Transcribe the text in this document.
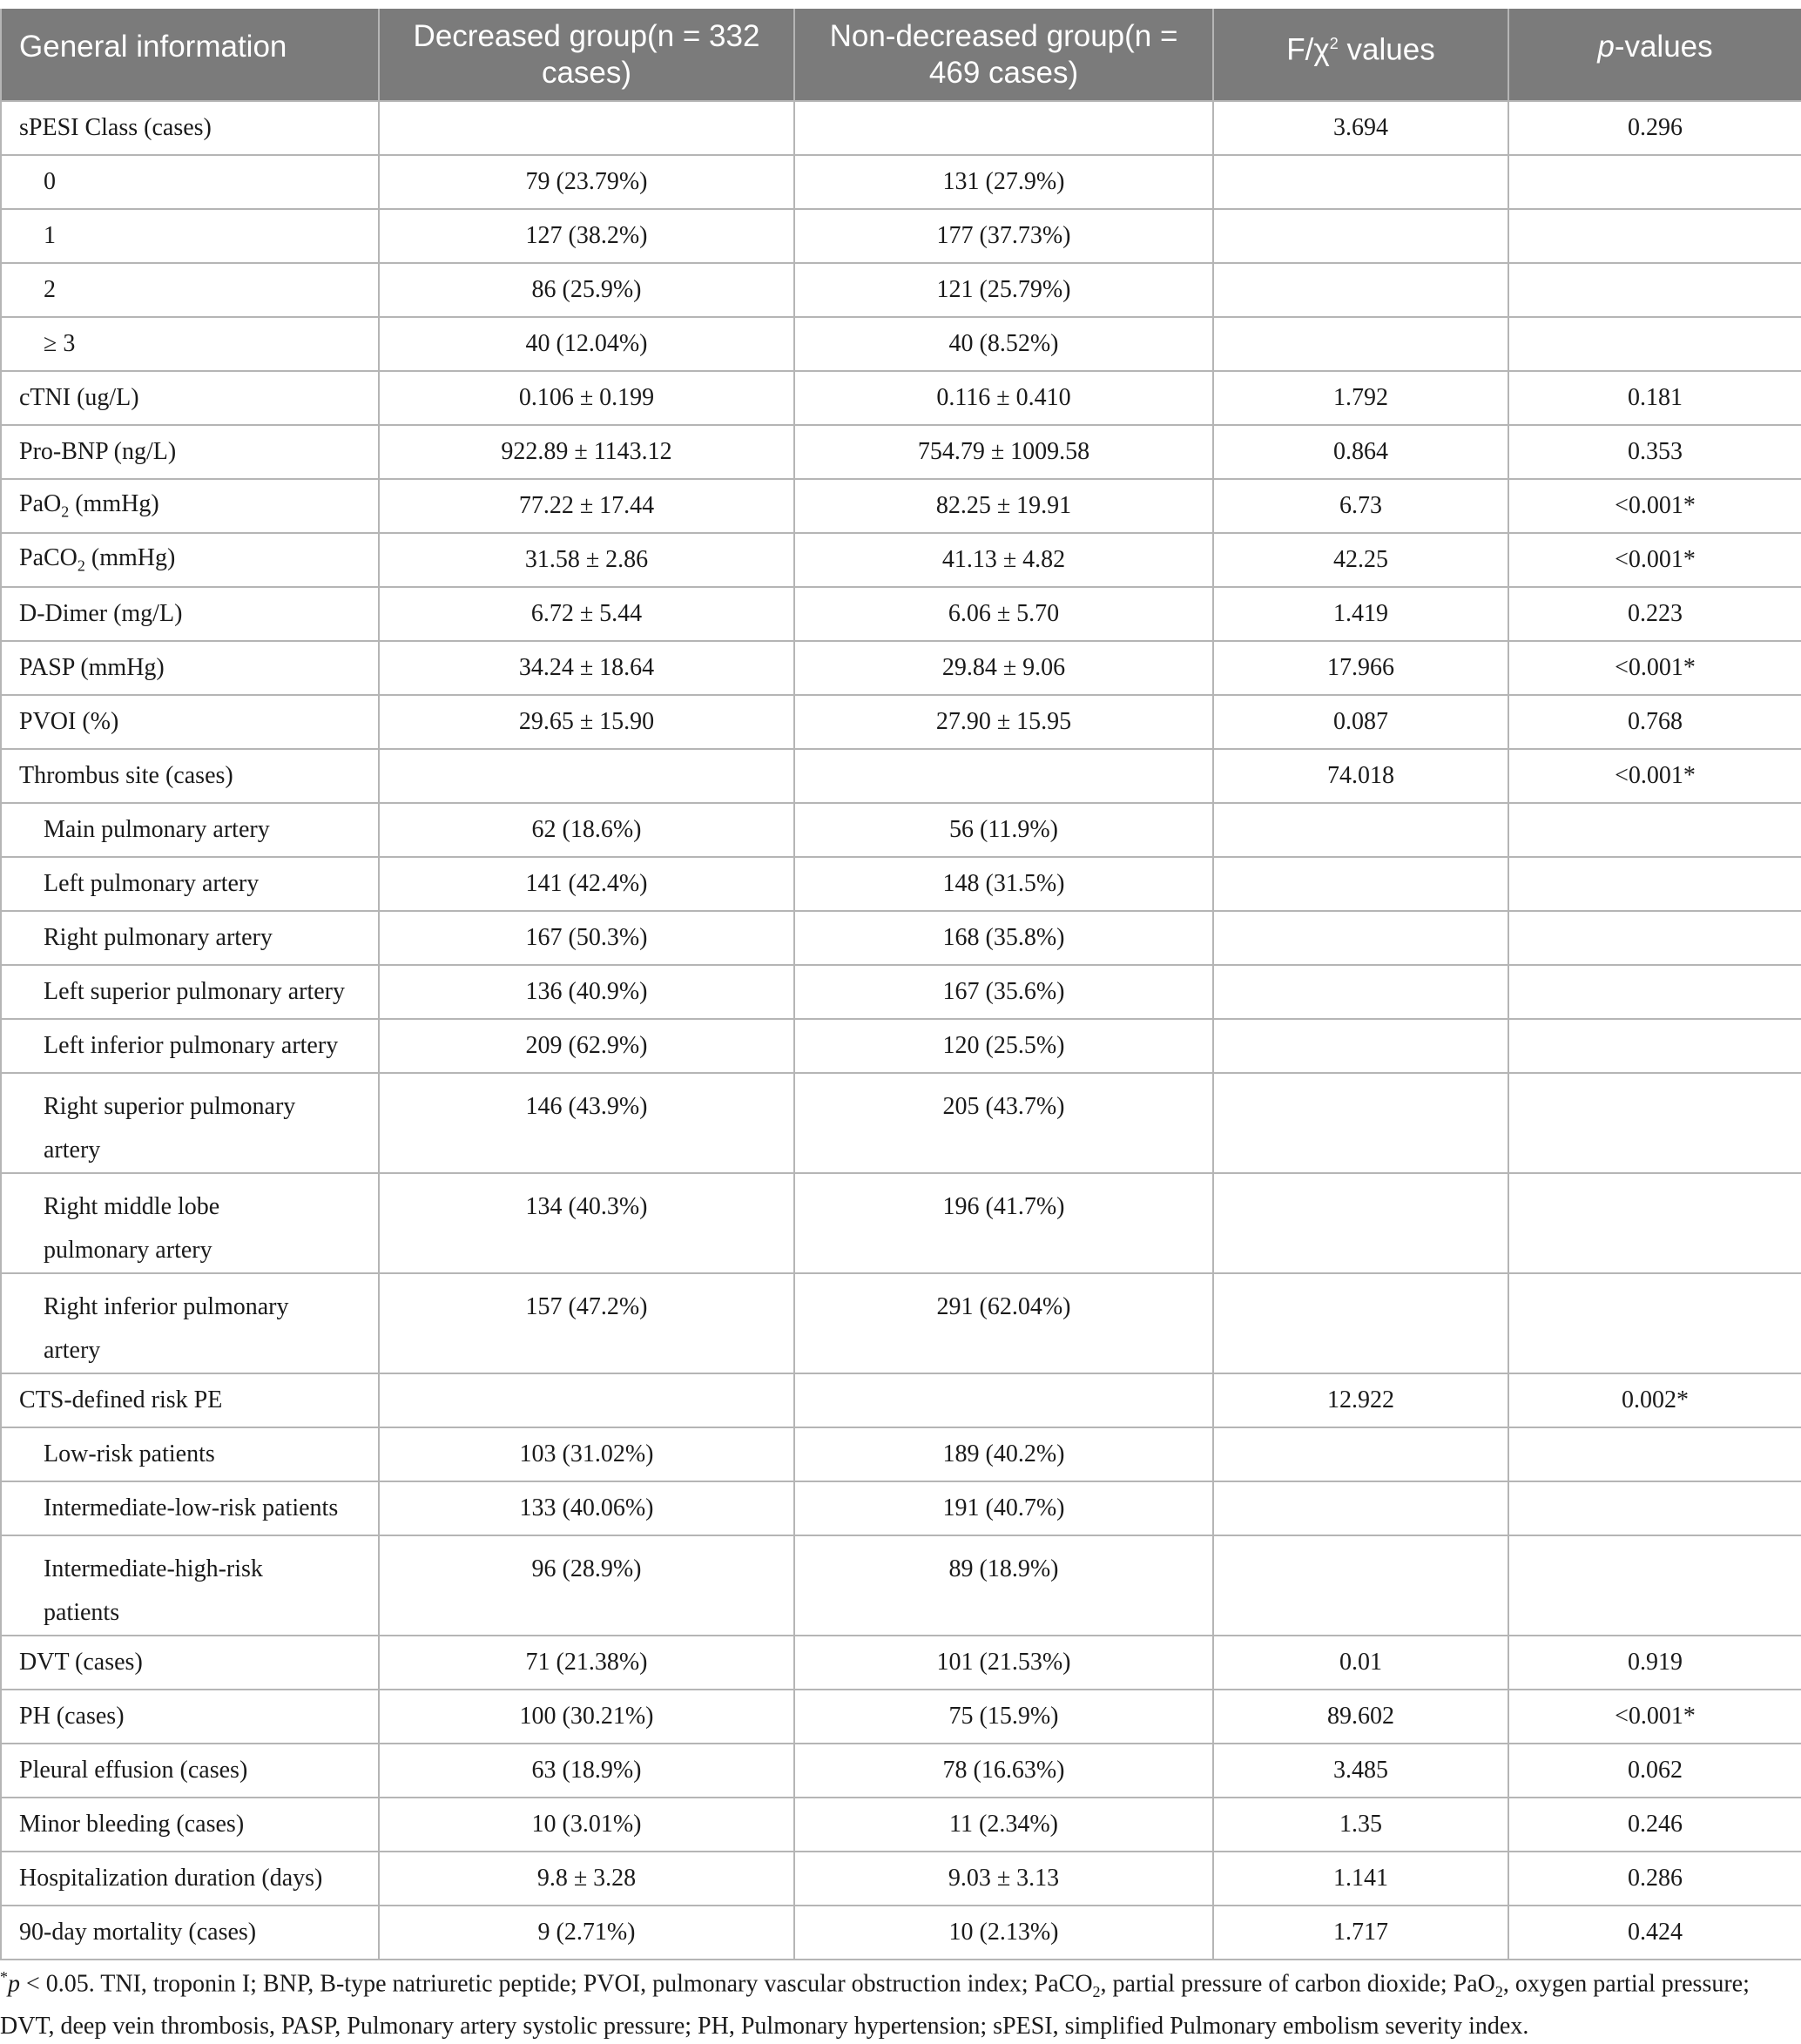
General information	Decreased group(n = 332 cases)	Non-decreased group(n = 469 cases)	$F/\chi^2$ values	p-values

sPESI Class (cases)			3.694	0.296
0	79 (23.79%)	131 (27.9%)		
1	127 (38.2%)	177 (37.73%)		
2	86 (25.9%)	121 (25.79%)		
≥ 3	40 (12.04%)	40 (8.52%)		
cTNI (ug/L)	0.106 ± 0.199	0.116 ± 0.410	1.792	0.181
Pro-BNP (ng/L)	922.89 ± 1143.12	754.79 ± 1009.58	0.864	0.353
PaO$_2$ (mmHg)	77.22 ± 17.44	82.25 ± 19.91	6.73	<0.001*
PaCO$_2$ (mmHg)	31.58 ± 2.86	41.13 ± 4.82	42.25	<0.001*
D-Dimer (mg/L)	6.72 ± 5.44	6.06 ± 5.70	1.419	0.223
PASP (mmHg)	34.24 ± 18.64	29.84 ± 9.06	17.966	<0.001*
PVOI (%)	29.65 ± 15.90	27.90 ± 15.95	0.087	0.768
Thrombus site (cases)			74.018	<0.001*
Main pulmonary artery	62 (18.6%)	56 (11.9%)		
Left pulmonary artery	141 (42.4%)	148 (31.5%)		
Right pulmonary artery	167 (50.3%)	168 (35.8%)		
Left superior pulmonary artery	136 (40.9%)	167 (35.6%)		
Left inferior pulmonary artery	209 (62.9%)	120 (25.5%)		
Right superior pulmonary artery	146 (43.9%)	205 (43.7%)		
Right middle lobe pulmonary artery	134 (40.3%)	196 (41.7%)		
Right inferior pulmonary artery	157 (47.2%)	291 (62.04%)		
CTS-defined risk PE			12.922	0.002*
Low-risk patients	103 (31.02%)	189 (40.2%)		
Intermediate-low-risk patients	133 (40.06%)	191 (40.7%)		
Intermediate-high-risk patients	96 (28.9%)	89 (18.9%)		
DVT (cases)	71 (21.38%)	101 (21.53%)	0.01	0.919
PH (cases)	100 (30.21%)	75 (15.9%)	89.602	<0.001*
Pleural effusion (cases)	63 (18.9%)	78 (16.63%)	3.485	0.062
Minor bleeding (cases)	10 (3.01%)	11 (2.34%)	1.35	0.246
Hospitalization duration (days)	9.8 ± 3.28	9.03 ± 3.13	1.141	0.286
90-day mortality (cases)	9 (2.71%)	10 (2.13%)	1.717	0.424
*p < 0.05. TNI, troponin I; BNP, B-type natriuretic peptide; PVOI, pulmonary vascular obstruction index; PaCO$_2$, partial pressure of carbon dioxide; PaO$_2$, oxygen partial pressure; DVT, deep vein thrombosis, PASP, Pulmonary artery systolic pressure; PH, Pulmonary hypertension; sPESI, simplified Pulmonary embolism severity index.
